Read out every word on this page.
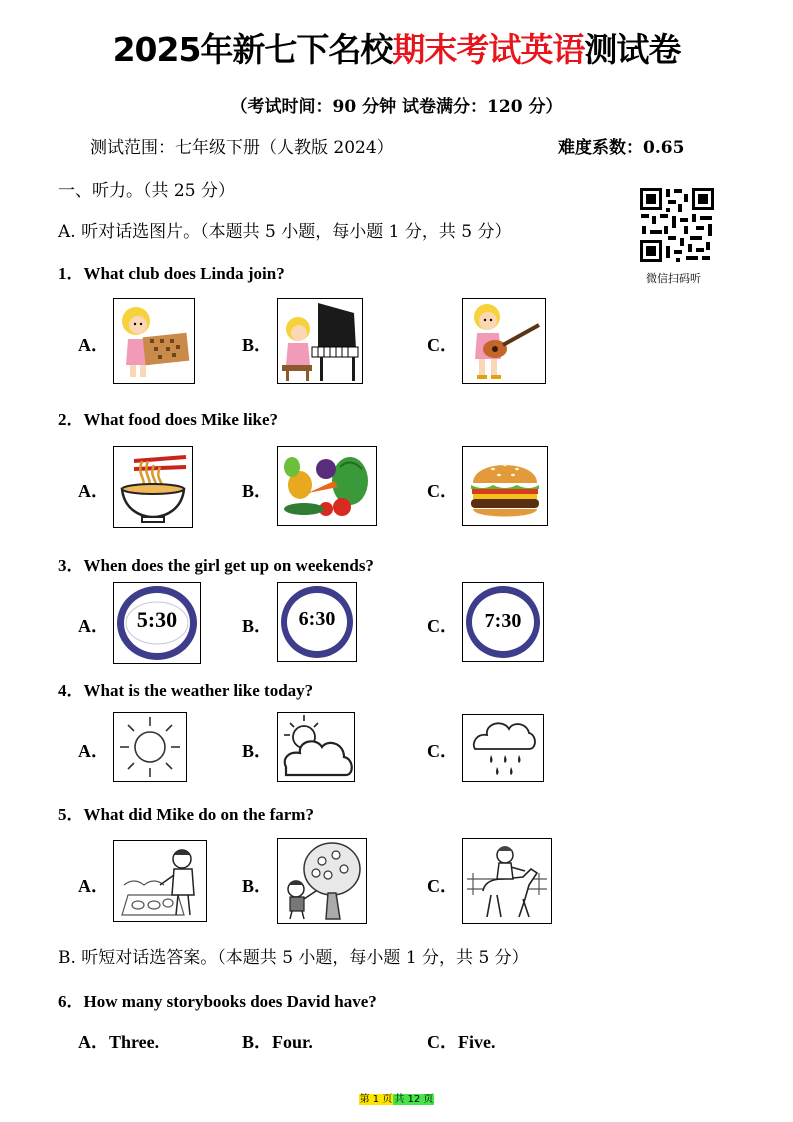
2025年新七下名校期末考试英语测试卷
（考试时间：90 分钟 试卷满分：120 分）
测试范围：七年级下册（人教版 2024）	难度系数：0.65
一、听力。（共 25 分）
A. 听对话选图片。（本题共 5 小题，每小题 1 分，共 5 分）
微信扫码听
1．What club does Linda join?
A．	B．	C．
2．What food does Mike like?
A．	B．	C．
3．When does the girl get up on weekends?
A．	5:30	B．	6:30	C．	7:30
4．What is the weather like today?
A．	B．	C．
5．What did Mike do on the farm?
A．	B．	C．
B. 听短对话选答案。（本题共 5 小题，每小题 1 分，共 5 分）
6．How many storybooks does David have?
A．Three.	B．Four.	C．Five.
第 1 页 共 12 页
